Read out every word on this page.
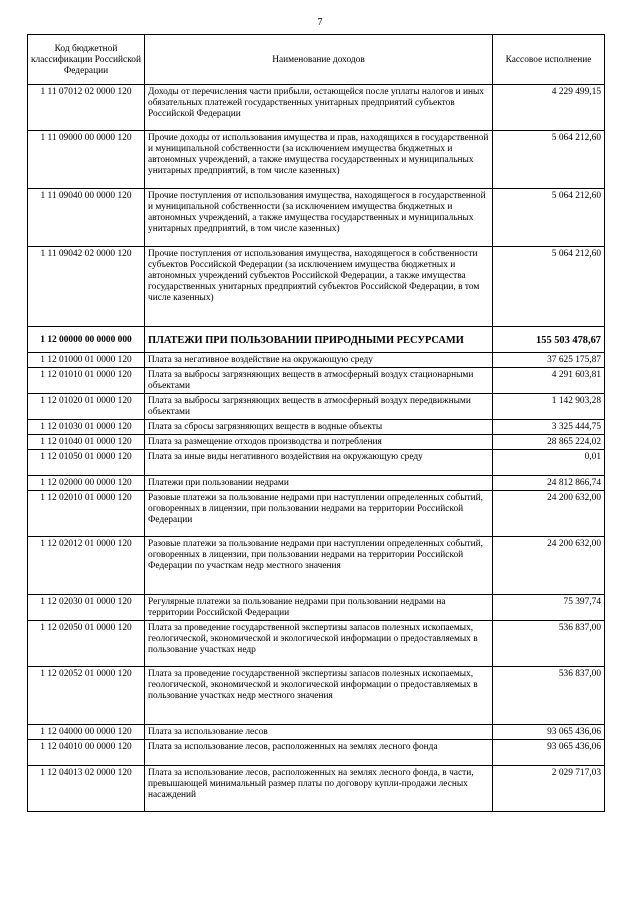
7
Код бюджетной классификации Российской Федерации	Наименование доходов	Кассовое исполнение
1 11 07012 02 0000 120	Доходы от перечисления части прибыли, остающейся после уплаты налогов и иных обязательных платежей государственных унитарных предприятий субъектов Российской Федерации	4 229 499,15
1 11 09000 00 0000 120	Прочие доходы от использования имущества и прав, находящихся в государственной и муниципальной собственности (за исключением имущества бюджетных и автономных учреждений, а также имущества государственных и муниципальных унитарных предприятий, в том числе казенных)	5 064 212,60
1 11 09040 00 0000 120	Прочие поступления от использования имущества, находящегося в государственной и муниципальной собственности (за исключением имущества бюджетных и автономных учреждений, а также имущества государственных и муниципальных унитарных предприятий, в том числе казенных)	5 064 212,60
1 11 09042 02 0000 120	Прочие поступления от использования имущества, находящегося в собственности субъектов Российской Федерации (за исключением имущества бюджетных и автономных учреждений субъектов Российской Федерации, а также имущества государственных унитарных предприятий субъектов Российской Федерации, в том числе казенных)	5 064 212,60
1 12 00000 00 0000 000	ПЛАТЕЖИ ПРИ ПОЛЬЗОВАНИИ ПРИРОДНЫМИ РЕСУРСАМИ	155 503 478,67
1 12 01000 01 0000 120	Плата за негативное воздействие на окружающую среду	37 625 175,87
1 12 01010 01 0000 120	Плата за выбросы загрязняющих веществ в атмосферный воздух стационарными объектами	4 291 603,81
1 12 01020 01 0000 120	Плата за выбросы загрязняющих веществ в атмосферный воздух передвижными объектами	1 142 903,28
1 12 01030 01 0000 120	Плата за сбросы загрязняющих веществ в водные объекты	3 325 444,75
1 12 01040 01 0000 120	Плата за размещение отходов производства и потребления	28 865 224,02
1 12 01050 01 0000 120	Плата за иные виды негативного воздействия на окружающую среду	0,01
1 12 02000 00 0000 120	Платежи при пользовании недрами	24 812 866,74
1 12 02010 01 0000 120	Разовые платежи за пользование недрами при наступлении определенных событий, оговоренных в лицензии, при пользовании недрами на территории Российской Федерации	24 200 632,00
1 12 02012 01 0000 120	Разовые платежи за пользование недрами при наступлении определенных событий, оговоренных в лицензии, при пользовании недрами на территории Российской Федерации по участкам недр местного значения	24 200 632,00
1 12 02030 01 0000 120	Регулярные платежи за пользование недрами при пользовании недрами на территории Российской Федерации	75 397,74
1 12 02050 01 0000 120	Плата за проведение государственной экспертизы запасов полезных ископаемых, геологической, экономической и экологической информации о предоставляемых в пользование участках недр	536 837,00
1 12 02052 01 0000 120	Плата за проведение государственной экспертизы запасов полезных ископаемых, геологической, экономической и экологической информации о предоставляемых в пользование участках недр местного значения	536 837,00
1 12 04000 00 0000 120	Плата за использование лесов	93 065 436,06
1 12 04010 00 0000 120	Плата за использование лесов, расположенных на землях лесного фонда	93 065 436,06
1 12 04013 02 0000 120	Плата за использование лесов, расположенных на землях лесного фонда, в части, превышающей минимальный размер платы по договору купли-продажи лесных насаждений	2 029 717,03
